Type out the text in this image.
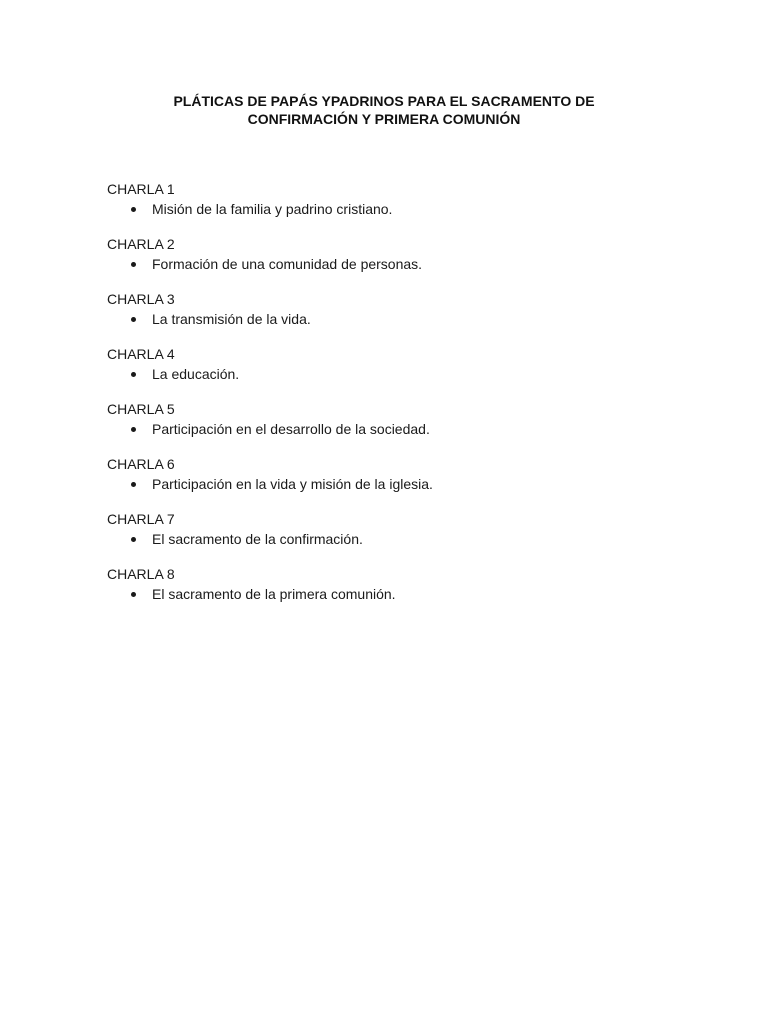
PLÁTICAS DE PAPÁS YPADRINOS PARA EL SACRAMENTO DE
CONFIRMACIÓN Y PRIMERA COMUNIÓN
CHARLA 1
Misión de la familia y padrino cristiano.
CHARLA 2
Formación de una comunidad de personas.
CHARLA 3
La transmisión de la vida.
CHARLA 4
La educación.
CHARLA 5
Participación en el desarrollo de la sociedad.
CHARLA 6
Participación en la vida y misión de la iglesia.
CHARLA 7
El sacramento de la confirmación.
CHARLA 8
El sacramento de la primera comunión.
